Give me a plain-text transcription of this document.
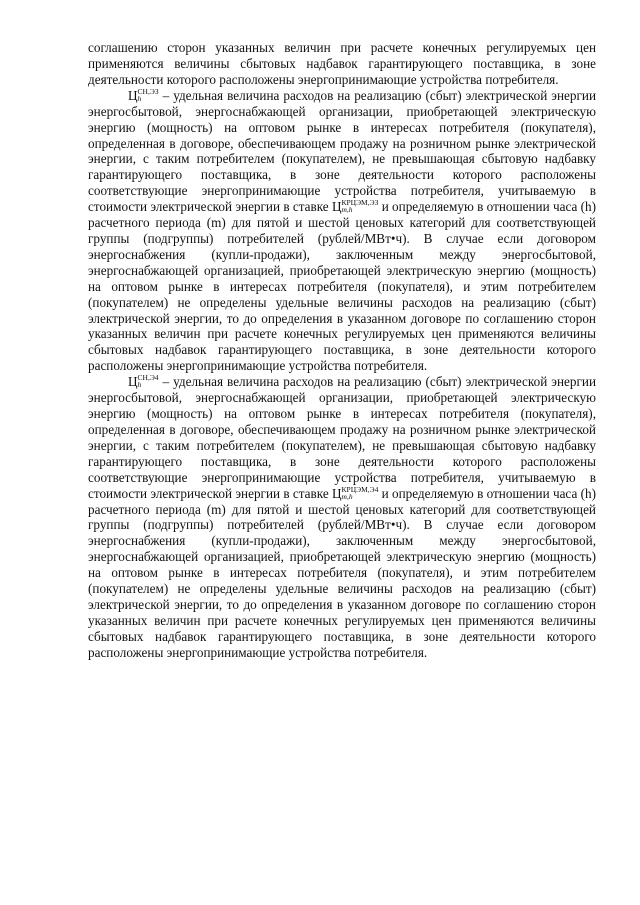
соглашению сторон указанных величин при расчете конечных регулируемых цен применяются величины сбытовых надбавок гарантирующего поставщика, в зоне деятельности которого расположены энергопринимающие устройства потребителя.

Ц СН,ЭЗ
h	– удельная величина расходов на реализацию (сбыт) электрической энергии энергосбытовой, энергоснабжающей организации, приобретающей электрическую энергию (мощность) на оптовом рынке в интересах потребителя (покупателя), определенная в договоре, обеспечивающем продажу на розничном рынке электрической энергии, с таким потребителем (покупателем), не превышающая сбытовую надбавку гарантирующего поставщика, в зоне деятельности которого расположены соответствующие энергопринимающие устройства потребителя, учитываемую в стоимости электрической энергии в ставке Ц КРЦЭМ,ЭЗ
m,h	и определяемую в отношении часа (h) расчетного периода (m) для пятой и шестой ценовых категорий для соответствующей группы (подгруппы) потребителей (рублей/МВт•ч). В случае если договором энергоснабжения (купли-продажи), заключенным между энергосбытовой, энергоснабжающей организацией, приобретающей электрическую энергию (мощность) на оптовом рынке в интересах потребителя (покупателя), и этим потребителем (покупателем) не определены удельные величины расходов на реализацию (сбыт) электрической энергии, то до определения в указанном договоре по соглашению сторон указанных величин при расчете конечных регулируемых цен применяются величины сбытовых надбавок гарантирующего поставщика, в зоне деятельности которого расположены энергопринимающие устройства потребителя.

Ц СН,Э4
h	– удельная величина расходов на реализацию (сбыт) электрической энергии энергосбытовой, энергоснабжающей организации, приобретающей электрическую энергию (мощность) на оптовом рынке в интересах потребителя (покупателя), определенная в договоре, обеспечивающем продажу на розничном рынке электрической энергии, с таким потребителем (покупателем), не превышающая сбытовую надбавку гарантирующего поставщика, в зоне деятельности которого расположены соответствующие энергопринимающие устройства потребителя, учитываемую в стоимости электрической энергии в ставке Ц КРЦЭМ,Э4
m,h	и определяемую в отношении часа (h) расчетного периода (m) для пятой и шестой ценовых категорий для соответствующей группы (подгруппы) потребителей (рублей/МВт•ч). В случае если договором энергоснабжения (купли-продажи), заключенным между энергосбытовой, энергоснабжающей организацией, приобретающей электрическую энергию (мощность) на оптовом рынке в интересах потребителя (покупателя), и этим потребителем (покупателем) не определены удельные величины расходов на реализацию (сбыт) электрической энергии, то до определения в указанном договоре по соглашению сторон указанных величин при расчете конечных регулируемых цен применяются величины сбытовых надбавок гарантирующего поставщика, в зоне деятельности которого расположены энергопринимающие устройства потребителя.
